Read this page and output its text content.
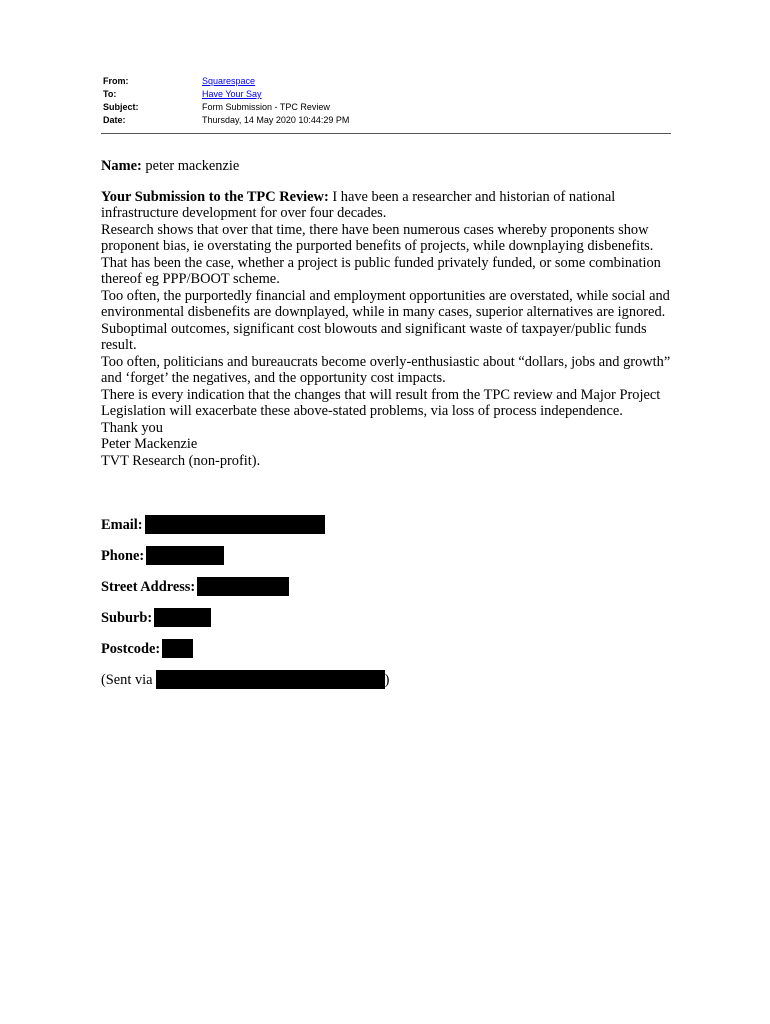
From:	Squarespace
To:	Have Your Say
Subject:	Form Submission - TPC Review
Date:	Thursday, 14 May 2020 10:44:29 PM

Name: peter mackenzie

Your Submission to the TPC Review: I have been a researcher and historian of national infrastructure development for over four decades.

Research shows that over that time, there have been numerous cases whereby proponents show proponent bias, ie overstating the purported benefits of projects, while downplaying disbenefits.

That has been the case, whether a project is public funded privately funded, or some combination thereof eg PPP/BOOT scheme.

Too often, the purportedly financial and employment opportunities are overstated, while social and environmental disbenefits are downplayed, while in many cases, superior alternatives are ignored. Suboptimal outcomes, significant cost blowouts and significant waste of taxpayer/public funds result.

Too often, politicians and bureaucrats become overly-enthusiastic about “dollars, jobs and growth” and ‘forget’ the negatives, and the opportunity cost impacts.

There is every indication that the changes that will result from the TPC review and Major Project Legislation will exacerbate these above-stated problems, via loss of process independence.

Thank you

Peter Mackenzie

TVT Research (non-profit).

Email:
Phone:
Street Address:
Suburb:
Postcode:
(Sent via	)
